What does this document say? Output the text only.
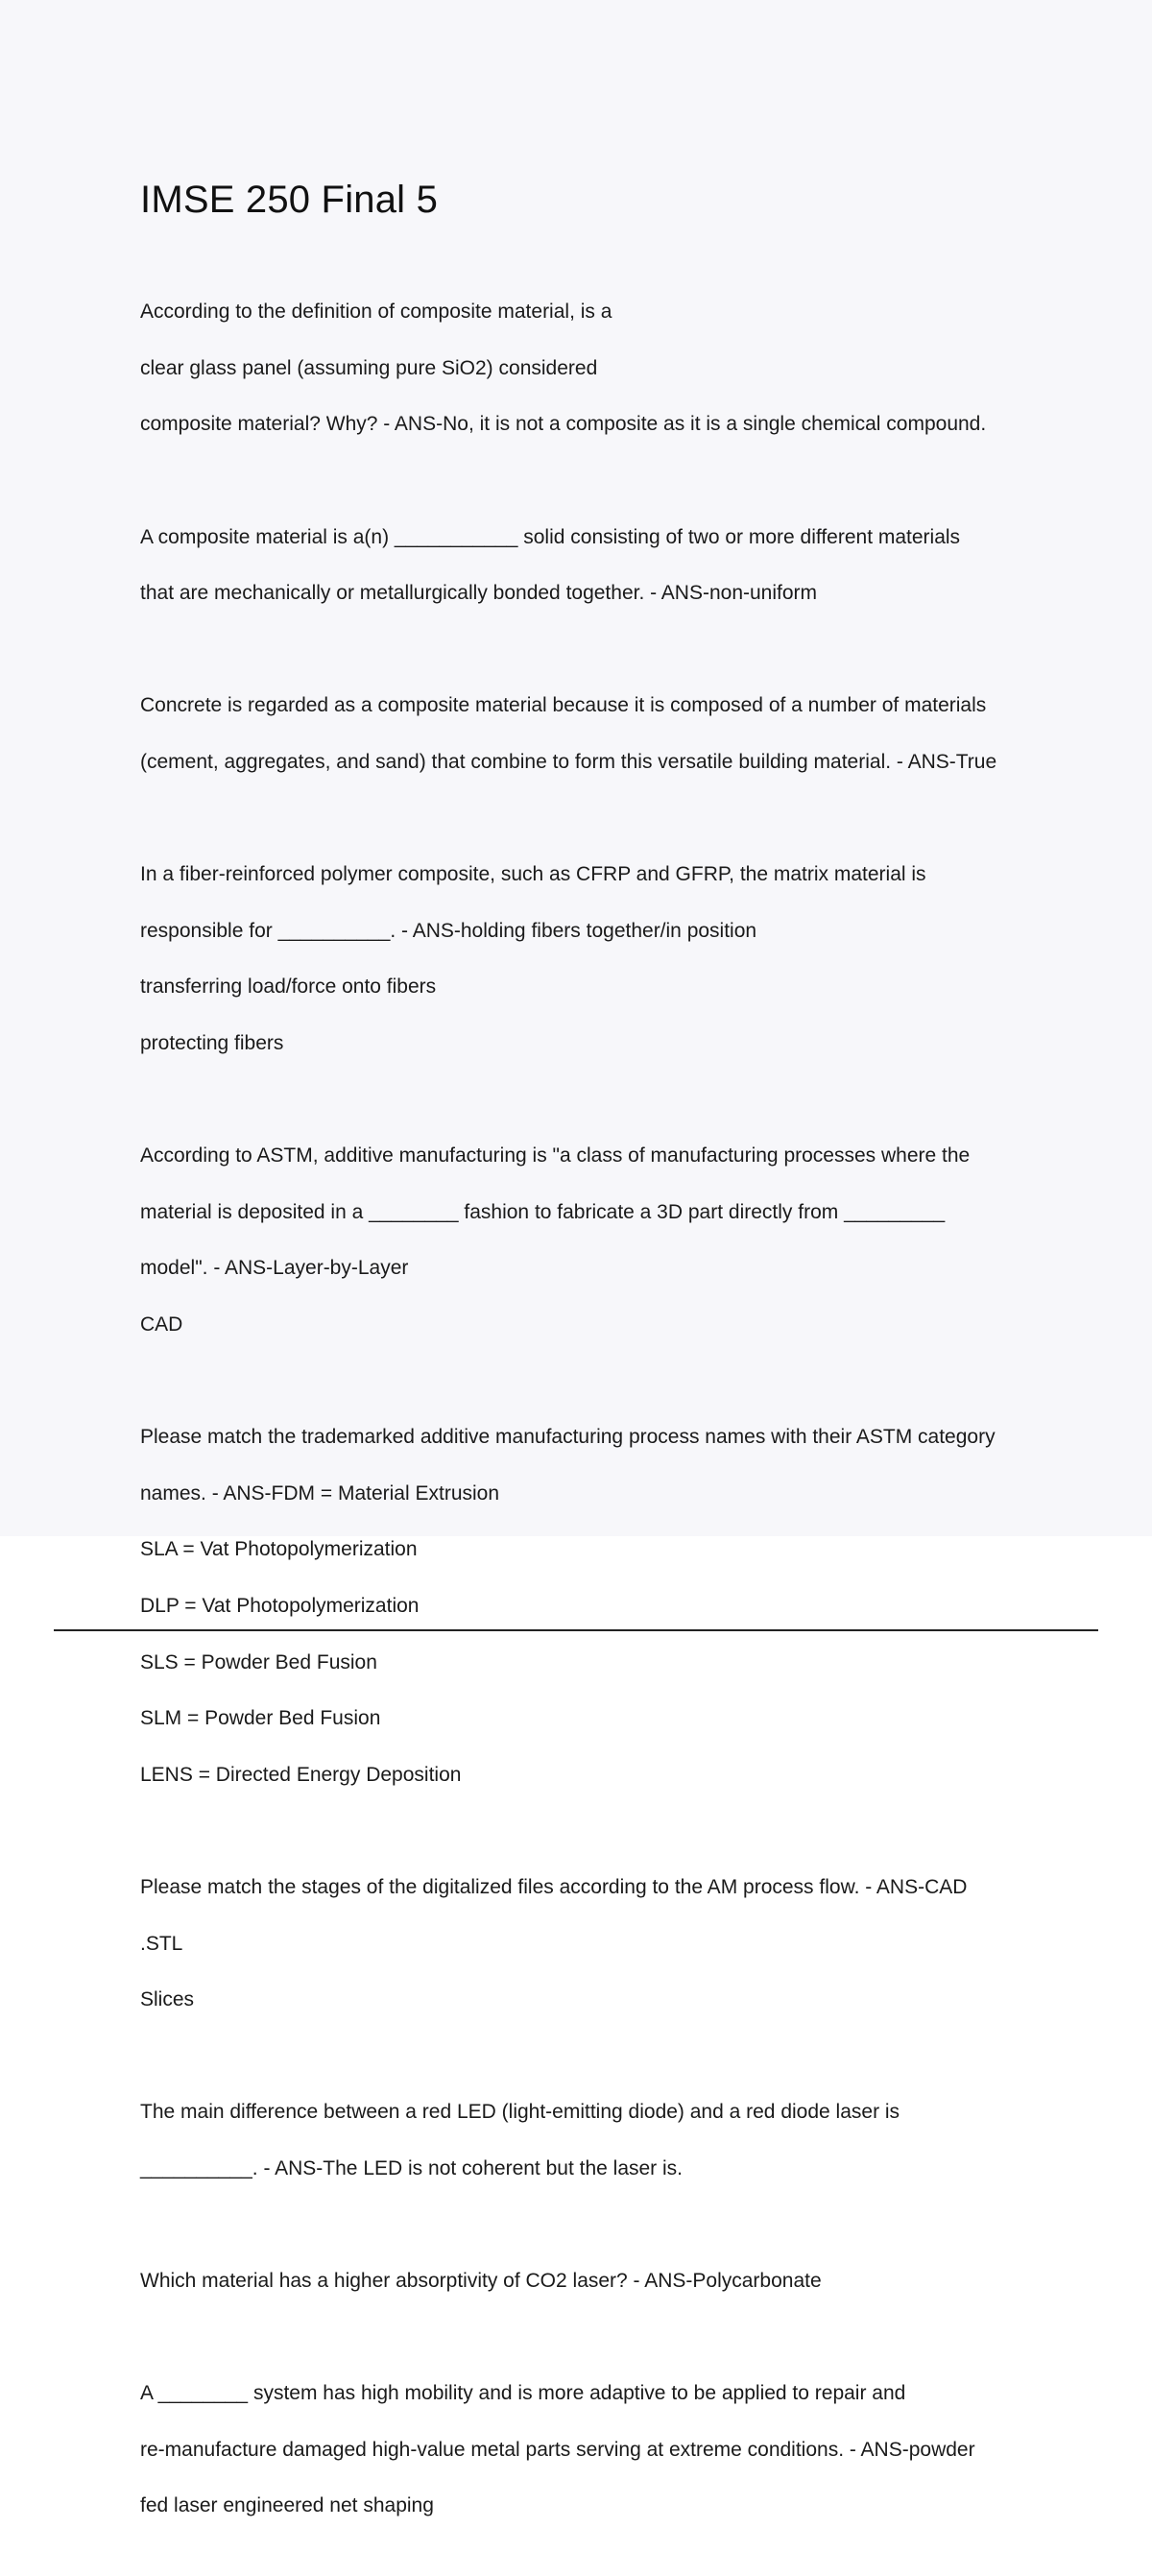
IMSE 250 Final 5

According to the definition of composite material, is a

clear glass panel (assuming pure SiO2) considered

composite material? Why? - ANS-No, it is not a composite as it is a single chemical compound.

A composite material is a(n) ___________ solid consisting of two or more different materials

that are mechanically or metallurgically bonded together. - ANS-non-uniform

Concrete is regarded as a composite material because it is composed of a number of materials

(cement, aggregates, and sand) that combine to form this versatile building material. - ANS-True

In a fiber-reinforced polymer composite, such as CFRP and GFRP, the matrix material is

responsible for __________. - ANS-holding fibers together/in position

transferring load/force onto fibers

protecting fibers

According to ASTM, additive manufacturing is "a class of manufacturing processes where the

material is deposited in a ________ fashion to fabricate a 3D part directly from _________

model". - ANS-Layer-by-Layer

CAD

Please match the trademarked additive manufacturing process names with their ASTM category

names. - ANS-FDM = Material Extrusion

SLA = Vat Photopolymerization

DLP = Vat Photopolymerization

SLS = Powder Bed Fusion

SLM = Powder Bed Fusion

LENS = Directed Energy Deposition

Please match the stages of the digitalized files according to the AM process flow. - ANS-CAD

.STL

Slices

The main difference between a red LED (light-emitting diode) and a red diode laser is

__________. - ANS-The LED is not coherent but the laser is.

Which material has a higher absorptivity of CO2 laser? - ANS-Polycarbonate

A ________ system has high mobility and is more adaptive to be applied to repair and

re-manufacture damaged high-value metal parts serving at extreme conditions. - ANS-powder

fed laser engineered net shaping
